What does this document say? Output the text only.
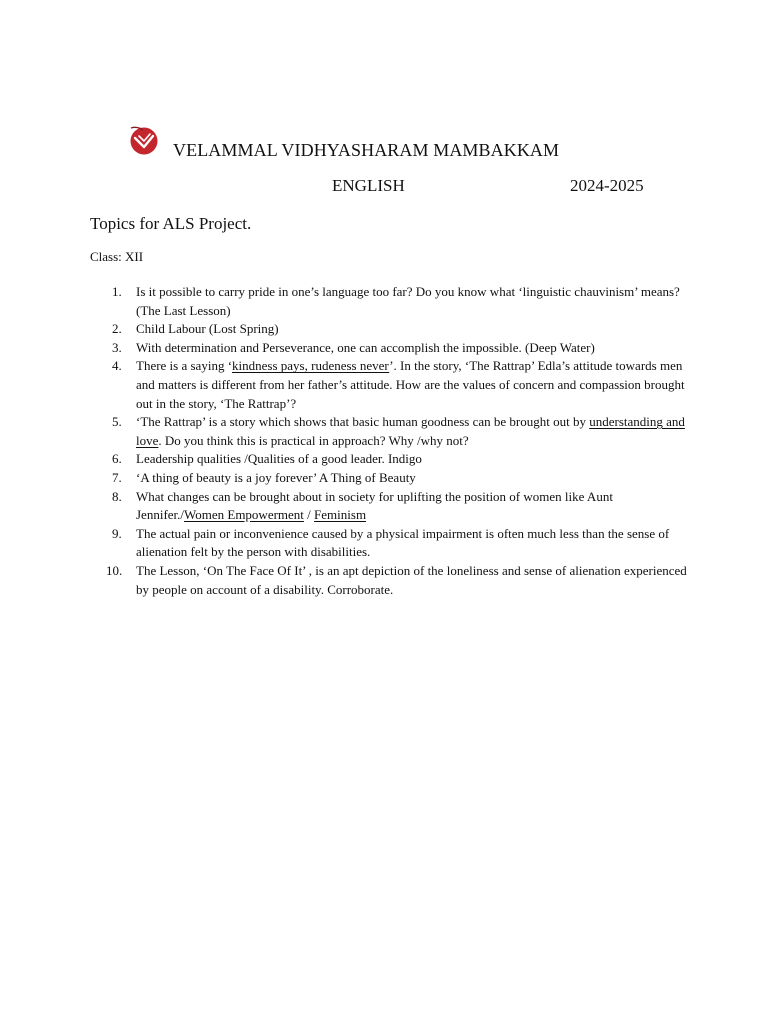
VELAMMAL VIDHYASHARAM MAMBAKKAM
ENGLISH	2024-2025
Topics for ALS Project.
Class: XII
1.	Is it possible to carry pride in one’s language too far? Do you know what ‘linguistic chauvinism’ means? (The Last Lesson)
2.	Child Labour (Lost Spring)
3.	With determination and Perseverance, one can accomplish the impossible. (Deep Water)
4.	There is a saying ‘kindness pays, rudeness never’. In the story, ‘The Rattrap’ Edla’s attitude towards men and matters is different from her father’s attitude. How are the values of concern and compassion brought out in the story, ‘The Rattrap’?
5.	‘The Rattrap’ is a story which shows that basic human goodness can be brought out by understanding and love. Do you think this is practical in approach? Why /why not?
6.	Leadership qualities /Qualities of a good leader. Indigo
7.	‘A thing of beauty is a joy forever’ A Thing of Beauty
8.	What changes can be brought about in society for uplifting the position of women like Aunt Jennifer./Women Empowerment / Feminism
9.	The actual pain or inconvenience caused by a physical impairment is often much less than the sense of alienation felt by the person with disabilities.
10.	The Lesson, ‘On The Face Of It’ , is an apt depiction of the loneliness and sense of alienation experienced by people on account of a disability. Corroborate.
